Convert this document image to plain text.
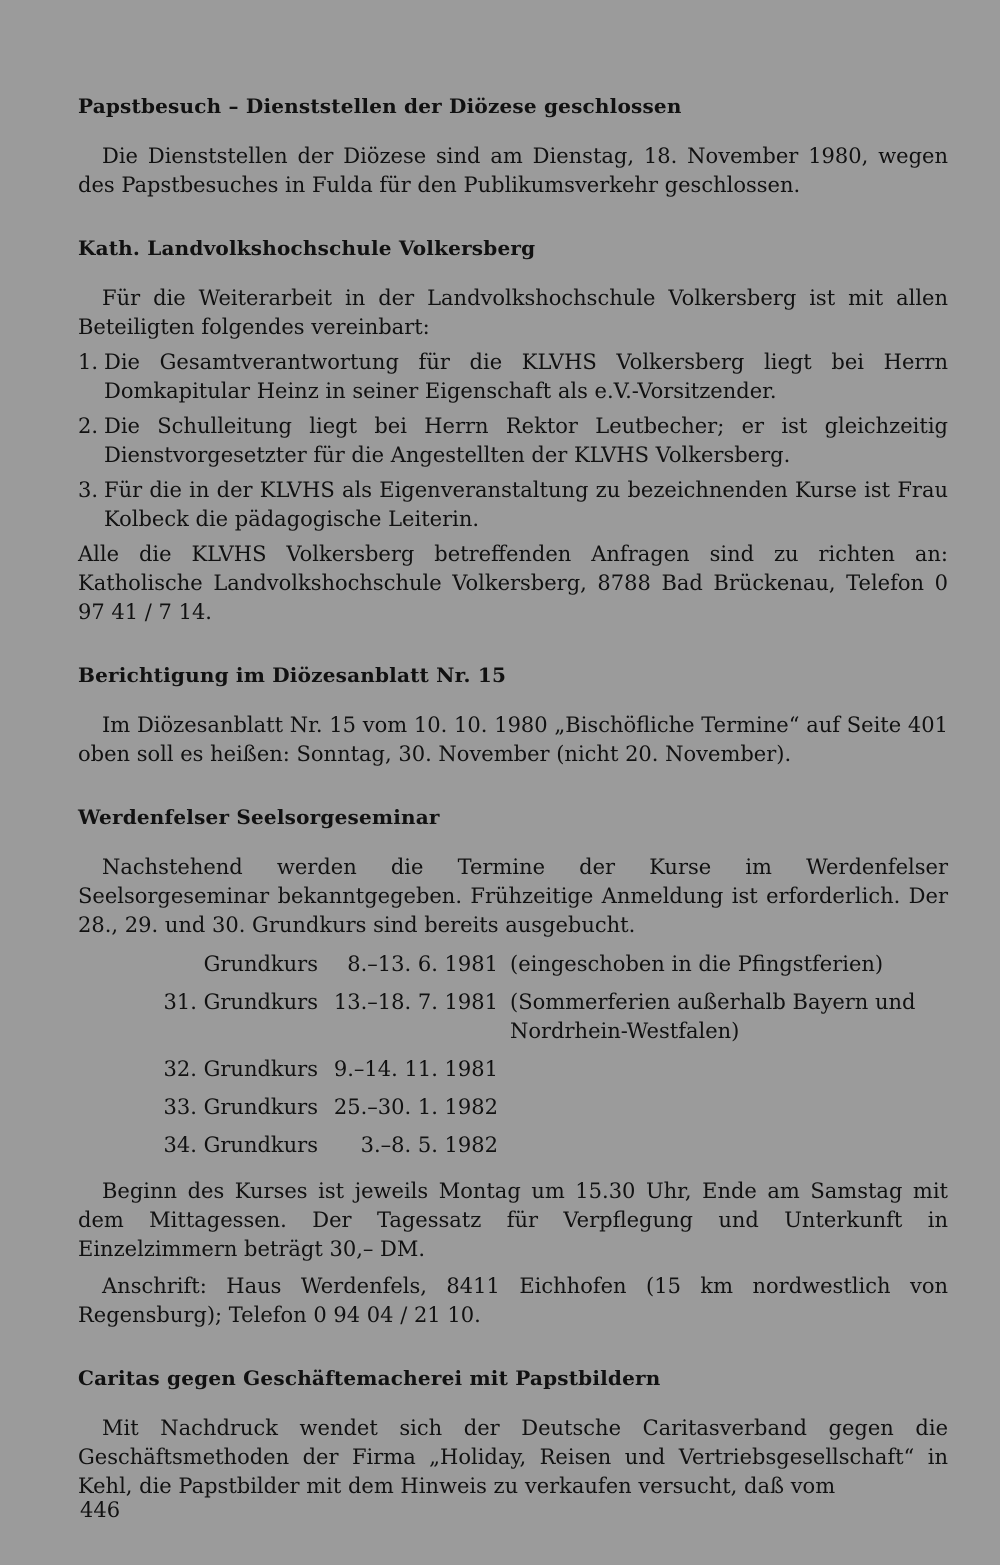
Papstbesuch – Dienststellen der Diözese geschlossen

Die Dienststellen der Diözese sind am Dienstag, 18. November 1980, wegen des Papstbesuches in Fulda für den Publikumsverkehr geschlossen.

Kath. Landvolkshochschule Volkersberg

Für die Weiterarbeit in der Landvolkshochschule Volkersberg ist mit allen Beteiligten folgendes vereinbart:

1. Die Gesamtverantwortung für die KLVHS Volkersberg liegt bei Herrn Domkapitular Heinz in seiner Eigenschaft als e.V.-Vorsitzender.
2. Die Schulleitung liegt bei Herrn Rektor Leutbecher; er ist gleichzeitig Dienstvorgesetzter für die Angestellten der KLVHS Volkersberg.
3. Für die in der KLVHS als Eigenveranstaltung zu bezeichnenden Kurse ist Frau Kolbeck die pädagogische Leiterin.

Alle die KLVHS Volkersberg betreffenden Anfragen sind zu richten an: Katholische Landvolkshochschule Volkersberg, 8788 Bad Brückenau, Telefon 0 97 41 / 7 14.

Berichtigung im Diözesanblatt Nr. 15

Im Diözesanblatt Nr. 15 vom 10. 10. 1980 „Bischöfliche Termine“ auf Seite 401 oben soll es heißen: Sonntag, 30. November (nicht 20. November).

Werdenfelser Seelsorgeseminar

Nachstehend werden die Termine der Kurse im Werdenfelser Seelsorgeseminar bekanntgegeben. Frühzeitige Anmeldung ist erforderlich. Der 28., 29. und 30. Grundkurs sind bereits ausgebucht.

Grundkurs	8.–13. 6. 1981	(eingeschoben in die Pfingstferien)
31. Grundkurs	13.–18. 7. 1981	(Sommerferien außerhalb Bayern und Nordrhein-Westfalen)
32. Grundkurs	9.–14. 11. 1981	
33. Grundkurs	25.–30. 1. 1982	
34. Grundkurs	3.–8. 5. 1982	

Beginn des Kurses ist jeweils Montag um 15.30 Uhr, Ende am Samstag mit dem Mittagessen. Der Tagessatz für Verpflegung und Unterkunft in Einzelzimmern beträgt 30,– DM.

Anschrift: Haus Werdenfels, 8411 Eichhofen (15 km nordwestlich von Regensburg); Telefon 0 94 04 / 21 10.

Caritas gegen Geschäftemacherei mit Papstbildern

Mit Nachdruck wendet sich der Deutsche Caritasverband gegen die Geschäftsmethoden der Firma „Holiday, Reisen und Vertriebsgesellschaft“ in Kehl, die Papstbilder mit dem Hinweis zu verkaufen versucht, daß vom

446
